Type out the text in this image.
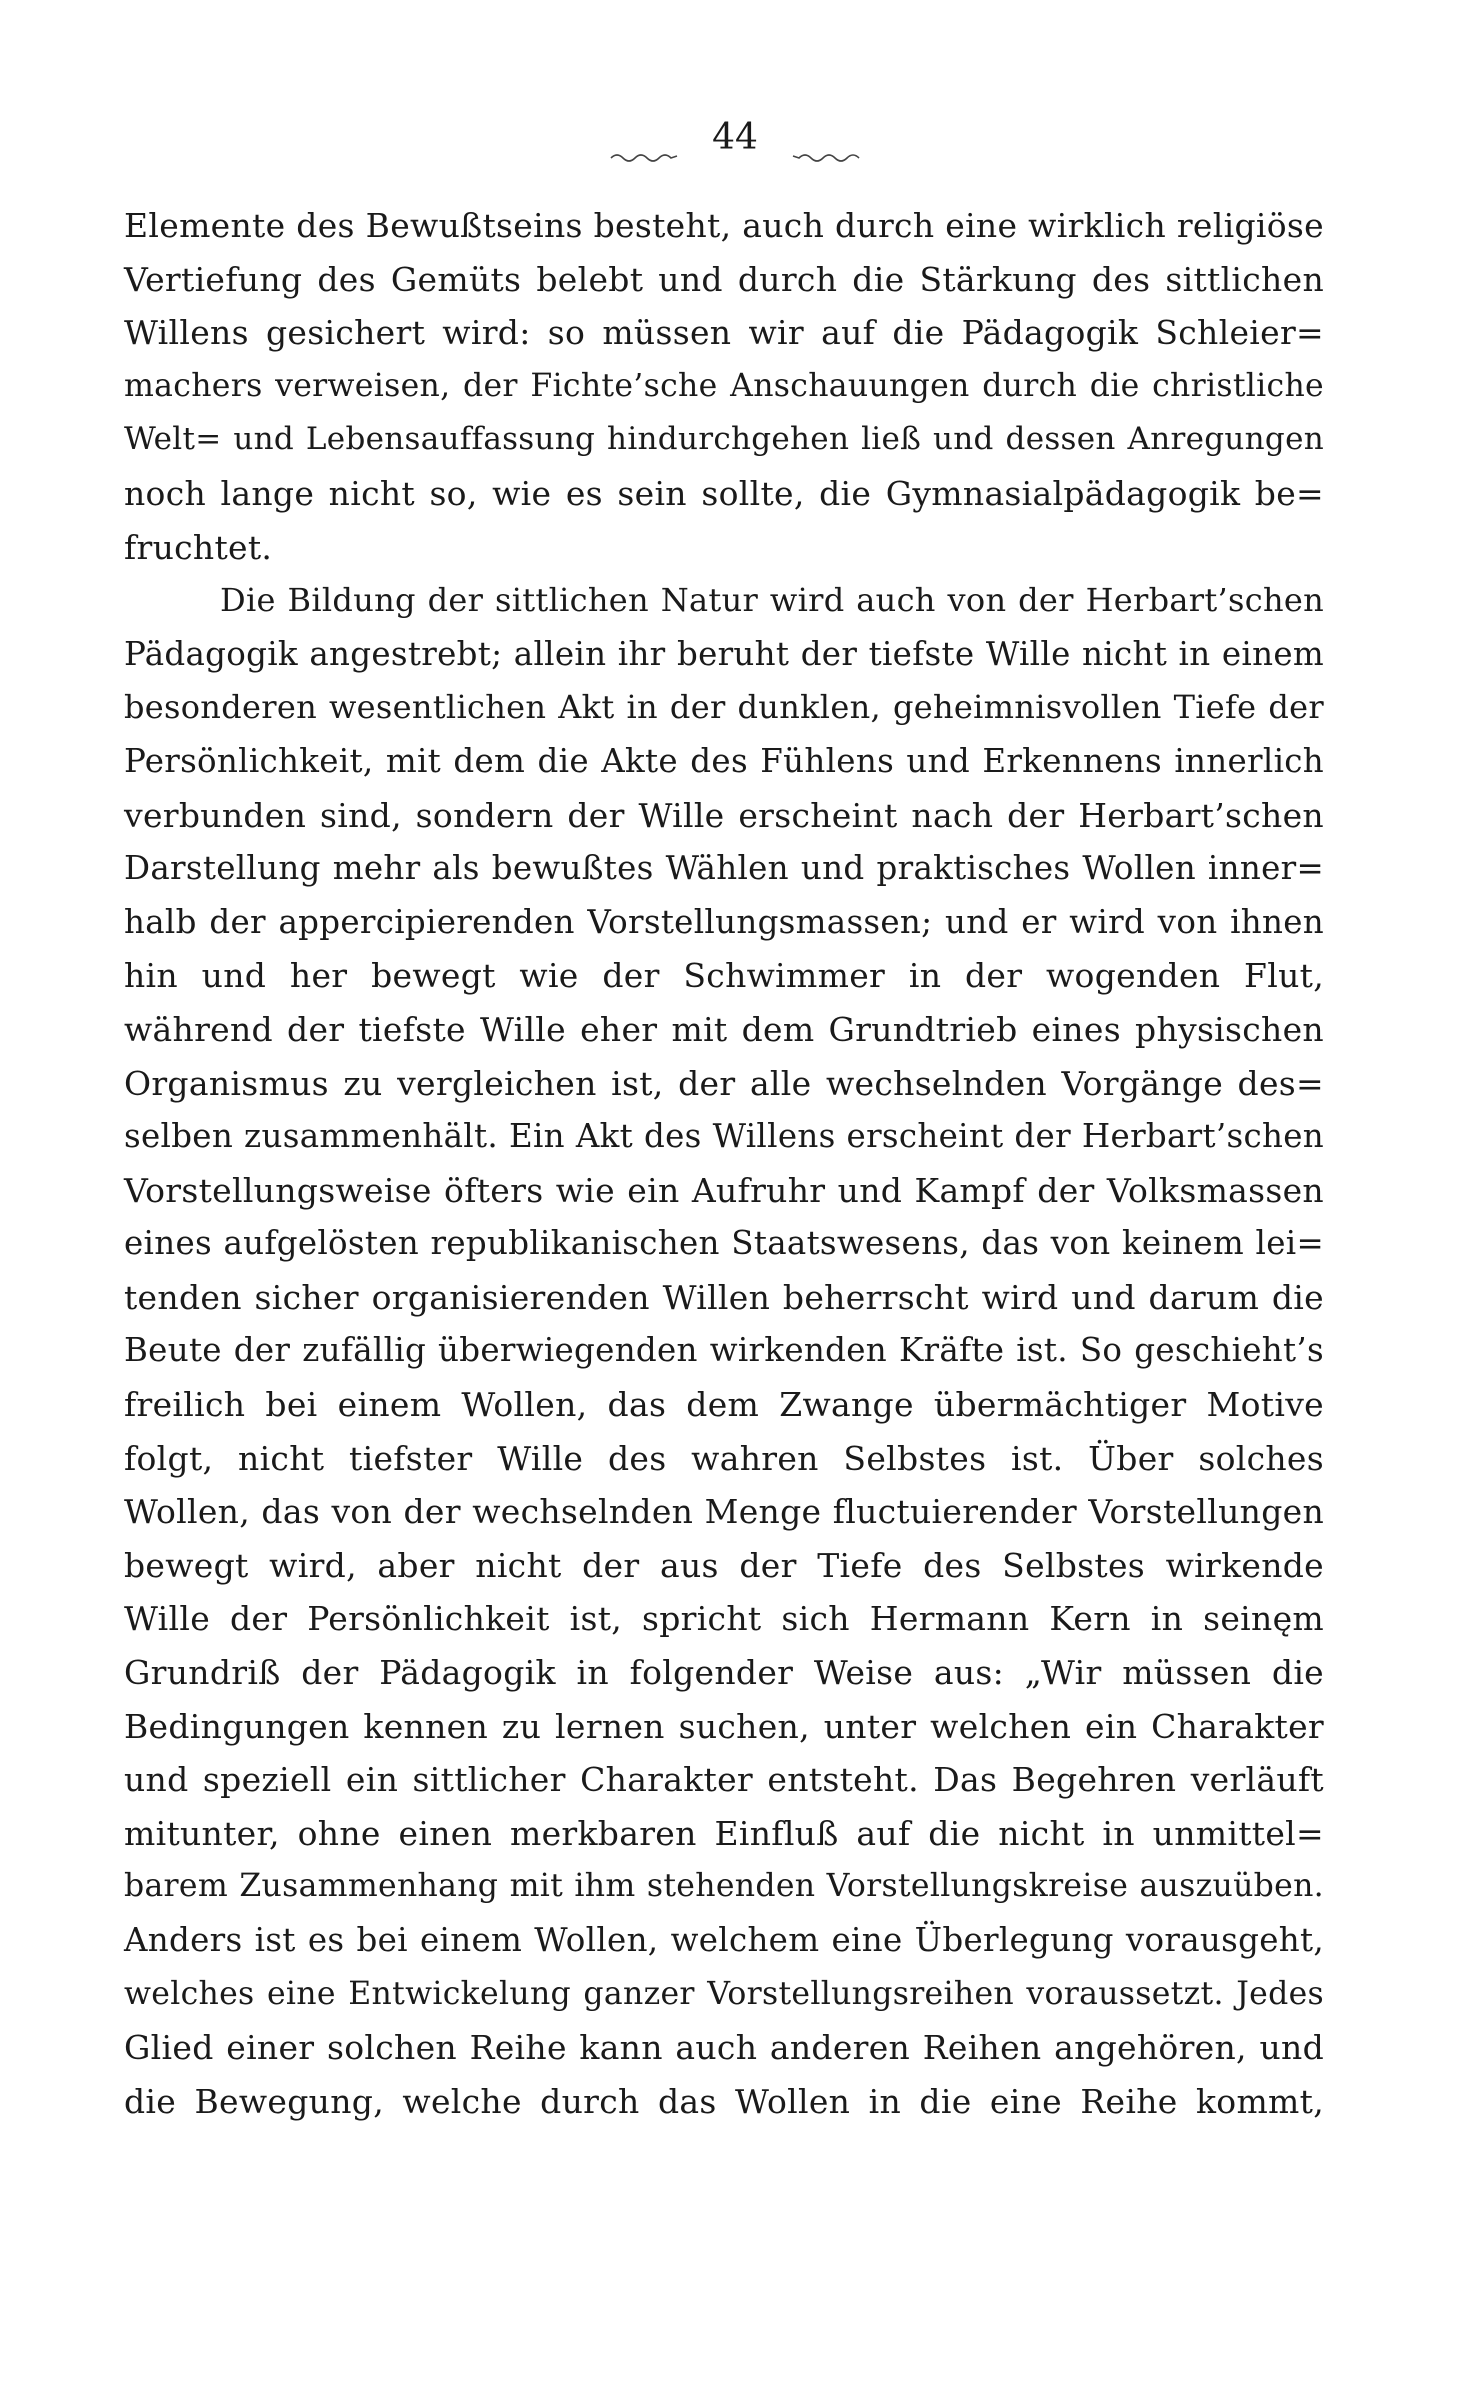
44
Elemente des Bewußtseins besteht, auch durch eine wirklich religiöse
Vertiefung des Gemüts belebt und durch die Stärkung des sittlichen
Willens gesichert wird: so müssen wir auf die Pädagogik Schleier=
machers verweisen, der Fichte’sche Anschauungen durch die christliche
Welt= und Lebensauffassung hindurchgehen ließ und dessen Anregungen
noch lange nicht so, wie es sein sollte, die Gymnasialpädagogik be=
fruchtet.
Die Bildung der sittlichen Natur wird auch von der Herbart’schen
Pädagogik angestrebt; allein ihr beruht der tiefste Wille nicht in einem
besonderen wesentlichen Akt in der dunklen, geheimnisvollen Tiefe der
Persönlichkeit, mit dem die Akte des Fühlens und Erkennens innerlich
verbunden sind, sondern der Wille erscheint nach der Herbart’schen
Darstellung mehr als bewußtes Wählen und praktisches Wollen inner=
halb der appercipierenden Vorstellungsmassen; und er wird von ihnen
hin und her bewegt wie der Schwimmer in der wogenden Flut,
während der tiefste Wille eher mit dem Grundtrieb eines physischen
Organismus zu vergleichen ist, der alle wechselnden Vorgänge des=
selben zusammenhält. Ein Akt des Willens erscheint der Herbart’schen
Vorstellungsweise öfters wie ein Aufruhr und Kampf der Volksmassen
eines aufgelösten republikanischen Staatswesens, das von keinem lei=
tenden sicher organisierenden Willen beherrscht wird und darum die
Beute der zufällig überwiegenden wirkenden Kräfte ist. So geschieht’s
freilich bei einem Wollen, das dem Zwange übermächtiger Motive
folgt, nicht tiefster Wille des wahren Selbstes ist. Über solches
Wollen, das von der wechselnden Menge fluctuierender Vorstellungen
bewegt wird, aber nicht der aus der Tiefe des Selbstes wirkende
Wille der Persönlichkeit ist, spricht sich Hermann Kern in seinęm
Grundriß der Pädagogik in folgender Weise aus: „Wir müssen die
Bedingungen kennen zu lernen suchen, unter welchen ein Charakter
und speziell ein sittlicher Charakter entsteht. Das Begehren verläuft
mitunter, ohne einen merkbaren Einfluß auf die nicht in unmittel=
barem Zusammenhang mit ihm stehenden Vorstellungskreise auszuüben.
Anders ist es bei einem Wollen, welchem eine Überlegung vorausgeht,
welches eine Entwickelung ganzer Vorstellungsreihen voraussetzt. Jedes
Glied einer solchen Reihe kann auch anderen Reihen angehören, und
die Bewegung, welche durch das Wollen in die eine Reihe kommt,
